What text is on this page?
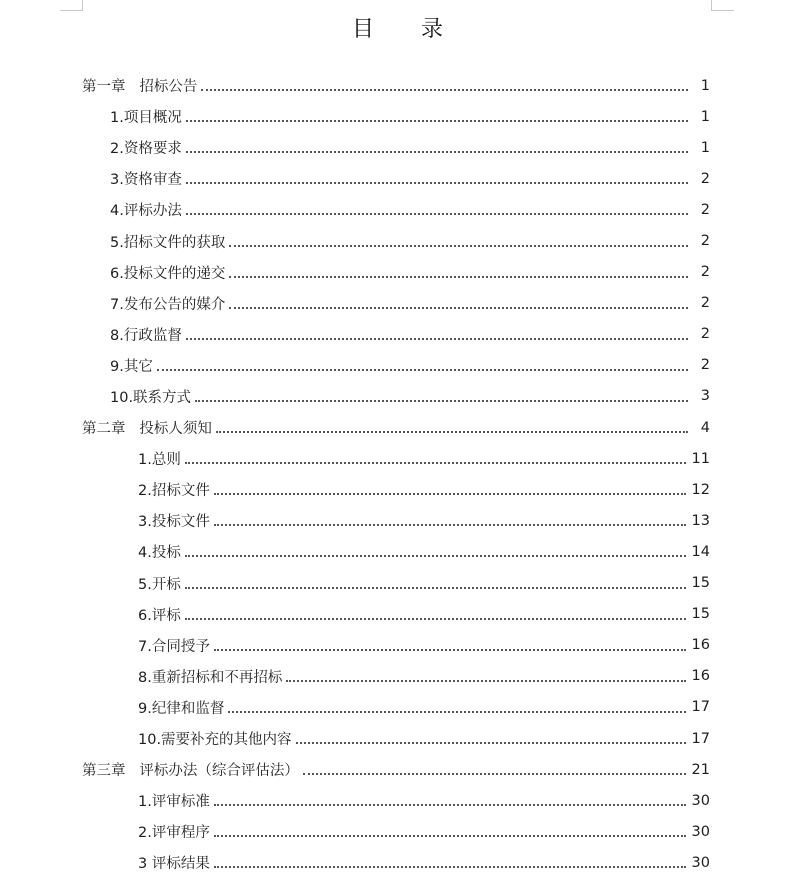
目 录
第一章   招标公告	1
1.项目概况	1
2.资格要求	1
3.资格审查	2
4.评标办法	2
5.招标文件的获取	2
6.投标文件的递交	2
7.发布公告的媒介	2
8.行政监督	2
9.其它	2
10.联系方式	3
第二章   投标人须知	4
1.总则	11
2.招标文件	12
3.投标文件	13
4.投标	14
5.开标	15
6.评标	15
7.合同授予	16
8.重新招标和不再招标	16
9.纪律和监督	17
10.需要补充的其他内容	17
第三章   评标办法（综合评估法）	21
1.评审标准	30
2.评审程序	30
3 评标结果	30
